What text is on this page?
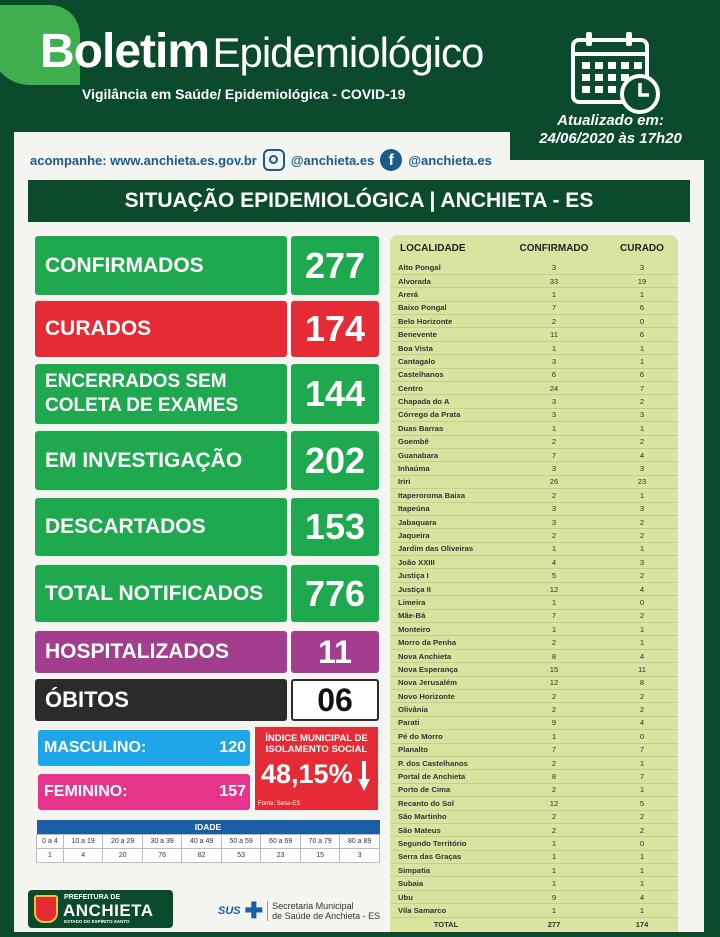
Boletim Epidemiológico
Vigilância em Saúde/ Epidemiológica - COVID-19
Atualizado em:
24/06/2020 às 17h20
acompanhe: www.anchieta.es.gov.br	@anchieta.es f	@anchieta.es
SITUAÇÃO EPIDEMIOLÓGICA | ANCHIETA - ES
CONFIRMADOS	277
CURADOS	174
ENCERRADOS SEM COLETA DE EXAMES	144
EM INVESTIGAÇÃO	202
DESCARTADOS	153
TOTAL NOTIFICADOS	776
HOSPITALIZADOS	11
ÓBITOS	06
MASCULINO:	120
FEMININO:	157
ÍNDICE MUNICIPAL DE ISOLAMENTO SOCIAL
48,15%
Fonte: Sesa-ES
IDADE								
0 a 4	10 a 19	20 a 29	30 a 39	40 a 49	50 a 59	60 a 69	70 a 79	80 a 89
1	4	20	76	82	53	23	15	3
PREFEITURA DE
ANCHIETA
ESTADO DO ESPÍRITO SANTO
SUS ✚ Secretaria Municipal
de Saúde de Anchieta - ES
LOCALIDADE	CONFIRMADO	CURADO
Alto Pongal	3	3
Alvorada	33	19
Arerá	1	1
Baixo Pongal	7	6
Belo Horizonte	2	0
Benevente	11	6
Boa Vista	1	1
Cantagalo	3	1
Castelhanos	6	6
Centro	24	7
Chapada do A	3	2
Córrego da Prata	3	3
Duas Barras	1	1
Goembê	2	2
Guanabara	7	4
Inhaúma	3	3
Iriri	26	23
Itaperoroma Baixa	2	1
Itapeúna	3	3
Jabaquara	3	2
Jaqueira	2	2
Jardim das Oliveiras	1	1
João XXIII	4	3
Justiça I	5	2
Justiça II	12	4
Limeira	1	0
Mãe-Bá	7	2
Monteiro	1	1
Morro da Penha	2	1
Nova Anchieta	8	4
Nova Esperança	15	11
Nova Jerusalém	12	8
Novo Horizonte	2	2
Olivânia	2	2
Parati	9	4
Pé do Morro	1	0
Planalto	7	7
P. dos Castelhanos	2	1
Portal de Anchieta	8	7
Porto de Cima	2	1
Recanto do Sol	12	5
São Martinho	2	2
São Mateus	2	2
Segundo Território	1	0
Serra das Graças	1	1
Simpatia	1	1
Subaia	1	1
Ubu	9	4
Vila Samarco	1	1
TOTAL	277	174
